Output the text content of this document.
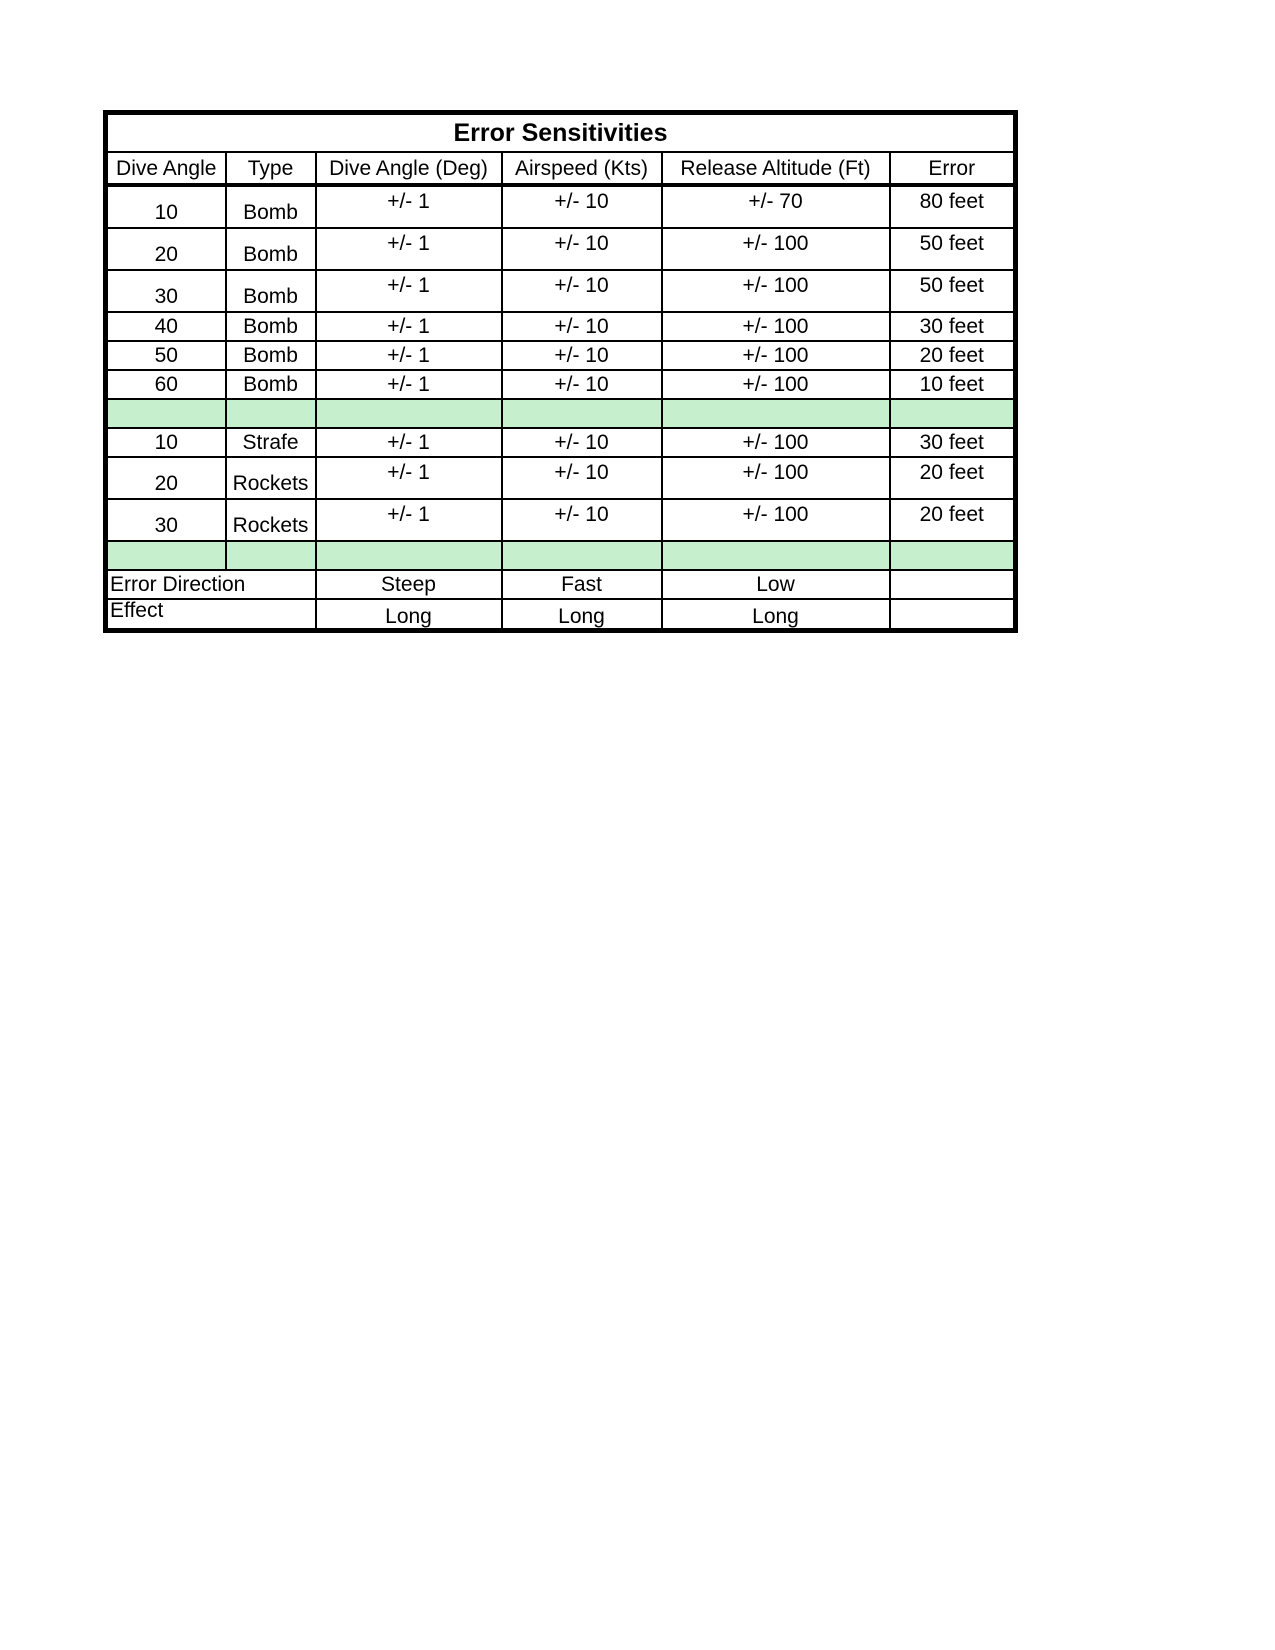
Error Sensitivities					
Dive Angle	Type	Dive Angle (Deg)	Airspeed (Kts)	Release Altitude (Ft)	Error
10	Bomb	+/- 1	+/- 10	+/- 70	80 feet
20	Bomb	+/- 1	+/- 10	+/- 100	50 feet
30	Bomb	+/- 1	+/- 10	+/- 100	50 feet
40	Bomb	+/- 1	+/- 10	+/- 100	30 feet
50	Bomb	+/- 1	+/- 10	+/- 100	20 feet
60	Bomb	+/- 1	+/- 10	+/- 100	10 feet

10	Strafe	+/- 1	+/- 10	+/- 100	30 feet
20	Rockets	+/- 1	+/- 10	+/- 100	20 feet
30	Rockets	+/- 1	+/- 10	+/- 100	20 feet

Error Direction		Steep	Fast	Low	
Effect		Long	Long	Long	
